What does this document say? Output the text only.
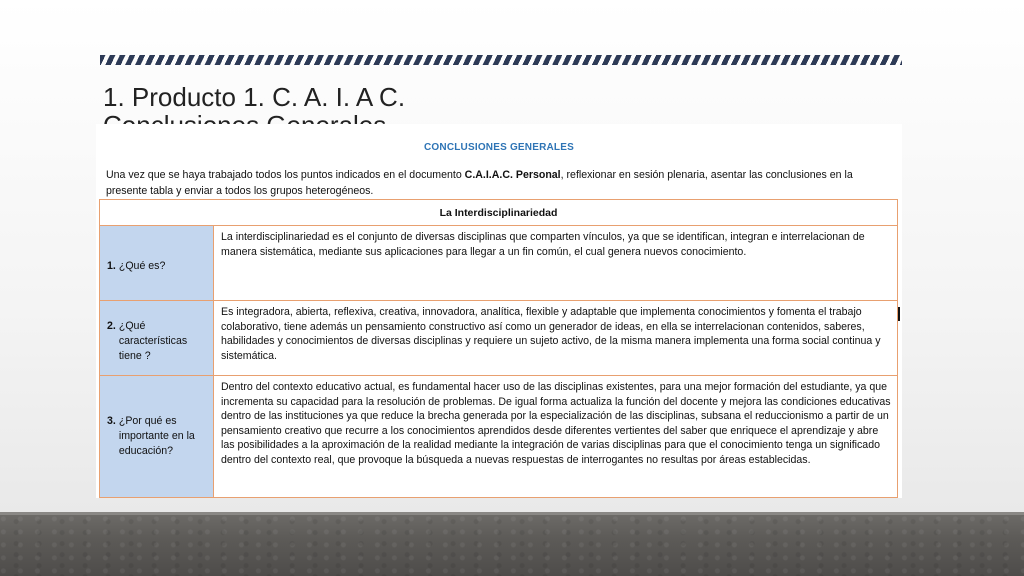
1. Producto 1. C. A. I. A C.
CONCLUSIONES GENERALES
Una vez que se haya trabajado todos los puntos indicados en el documento C.A.I.A.C. Personal, reflexionar en sesión plenaria, asentar las conclusiones en la presente tabla y enviar a todos los grupos heterogéneos.
La Interdisciplinariedad
1. ¿Qué es?
La interdisciplinariedad es el conjunto de diversas disciplinas que comparten vínculos, ya que se identifican, integran e interrelacionan de manera sistemática, mediante sus aplicaciones para llegar a un fin común, el cual genera nuevos conocimiento.
2. ¿Qué características tiene ?
Es integradora, abierta, reflexiva, creativa, innovadora, analítica, flexible y adaptable que implementa conocimientos y fomenta el trabajo colaborativo, tiene además un pensamiento constructivo así como un generador de ideas, en ella se interrelacionan contenidos, saberes, habilidades y conocimientos de diversas disciplinas y requiere un sujeto activo, de la misma manera implementa una forma social continua y sistemática.
3. ¿Por qué es importante en la educación?
Dentro del contexto educativo actual, es fundamental hacer uso de las disciplinas existentes, para una mejor formación del estudiante, ya que incrementa su capacidad para la resolución de problemas. De igual forma actualiza la función del docente y mejora las condiciones educativas dentro de las instituciones ya que reduce la brecha generada por la especialización de las disciplinas, subsana el reduccionismo a partir de un pensamiento creativo que recurre a los conocimientos aprendidos desde diferentes vertientes del saber que enriquece el aprendizaje y abre las posibilidades a la aproximación de la realidad mediante la integración de varias disciplinas para que el conocimiento tenga un significado dentro del contexto real, que provoque la búsqueda a nuevas respuestas de interrogantes no resultas por áreas establecidas.
